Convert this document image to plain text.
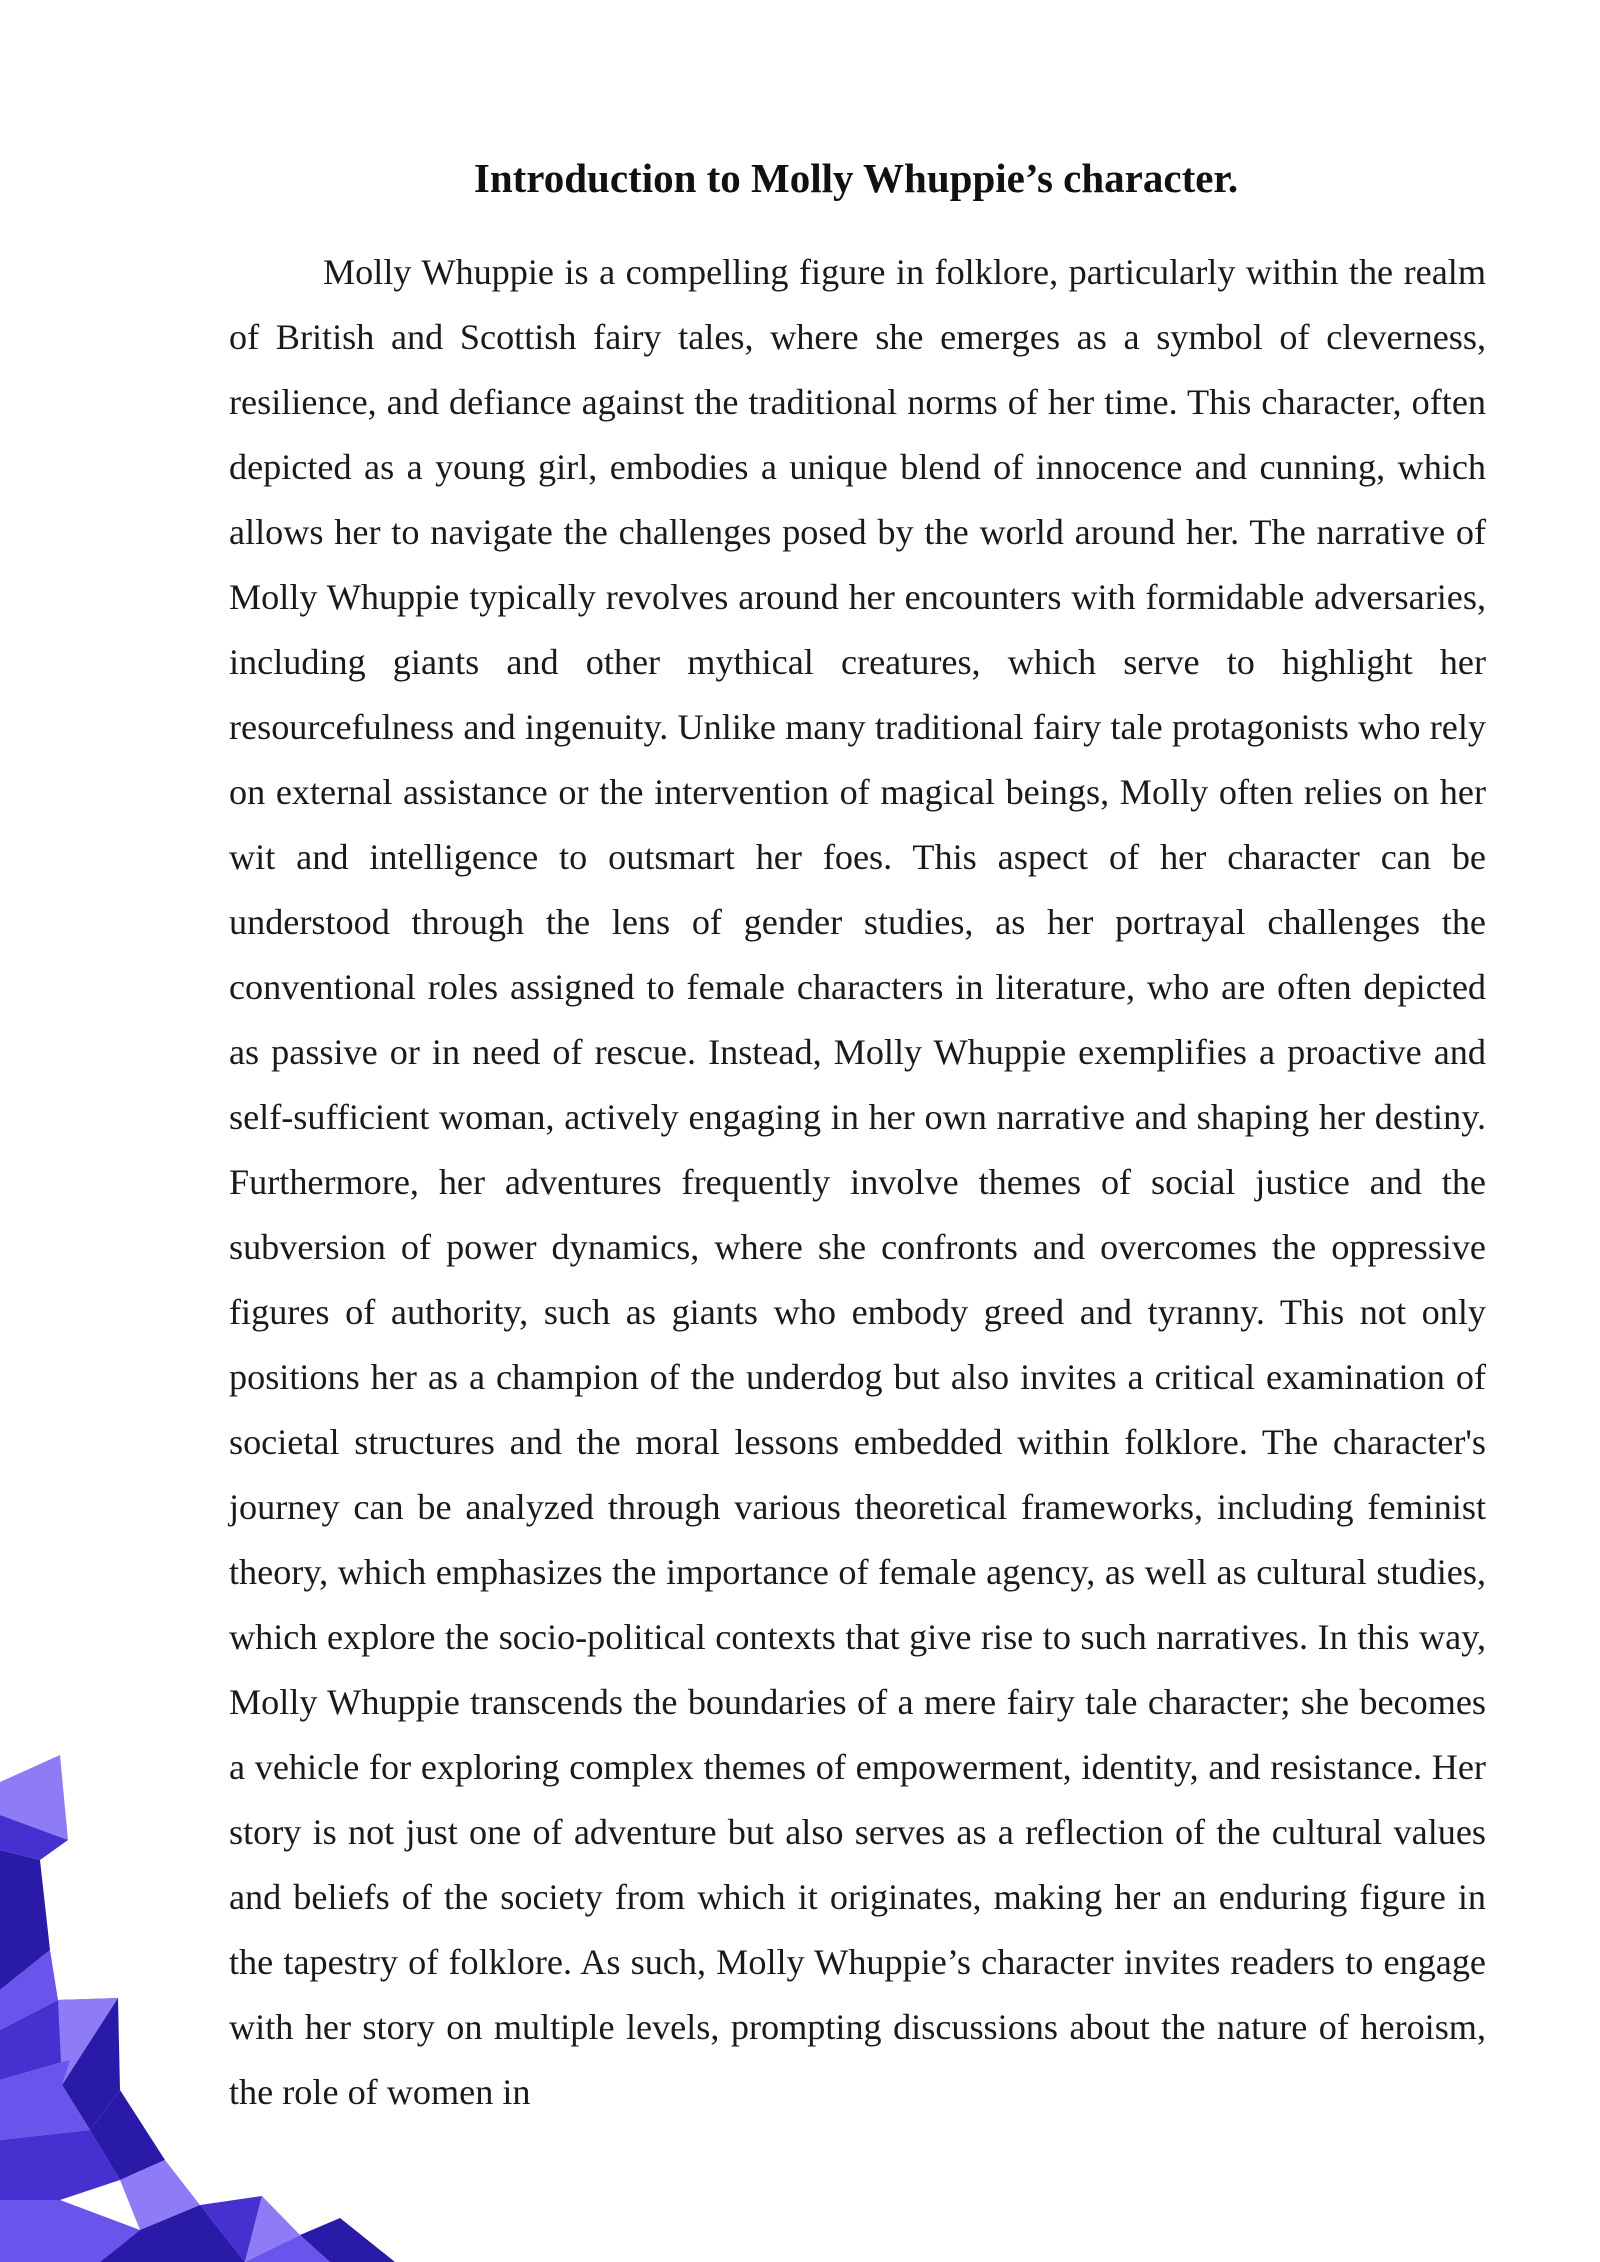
Introduction to Molly Whuppie’s character.

Molly Whuppie is a compelling figure in folklore, particularly within the realm of British and Scottish fairy tales, where she emerges as a symbol of cleverness, resilience, and defiance against the traditional norms of her time. This character, often depicted as a young girl, embodies a unique blend of innocence and cunning, which allows her to navigate the challenges posed by the world around her. The narrative of Molly Whuppie typically revolves around her encounters with formidable adversaries, including giants and other mythical creatures, which serve to highlight her resourcefulness and ingenuity. Unlike many traditional fairy tale protagonists who rely on external assistance or the intervention of magical beings, Molly often relies on her wit and intelligence to outsmart her foes. This aspect of her character can be understood through the lens of gender studies, as her portrayal challenges the conventional roles assigned to female characters in literature, who are often depicted as passive or in need of rescue. Instead, Molly Whuppie exemplifies a proactive and self-sufficient woman, actively engaging in her own narrative and shaping her destiny. Furthermore, her adventures frequently involve themes of social justice and the subversion of power dynamics, where she confronts and overcomes the oppressive figures of authority, such as giants who embody greed and tyranny. This not only positions her as a champion of the underdog but also invites a critical examination of societal structures and the moral lessons embedded within folklore. The character's journey can be analyzed through various theoretical frameworks, including feminist theory, which emphasizes the importance of female agency, as well as cultural studies, which explore the socio-political contexts that give rise to such narratives. In this way, Molly Whuppie transcends the boundaries of a mere fairy tale character; she becomes a vehicle for exploring complex themes of empowerment, identity, and resistance. Her story is not just one of adventure but also serves as a reflection of the cultural values and beliefs of the society from which it originates, making her an enduring figure in the tapestry of folklore. As such, Molly Whuppie’s character invites readers to engage with her story on multiple levels, prompting discussions about the nature of heroism, the role of women in
